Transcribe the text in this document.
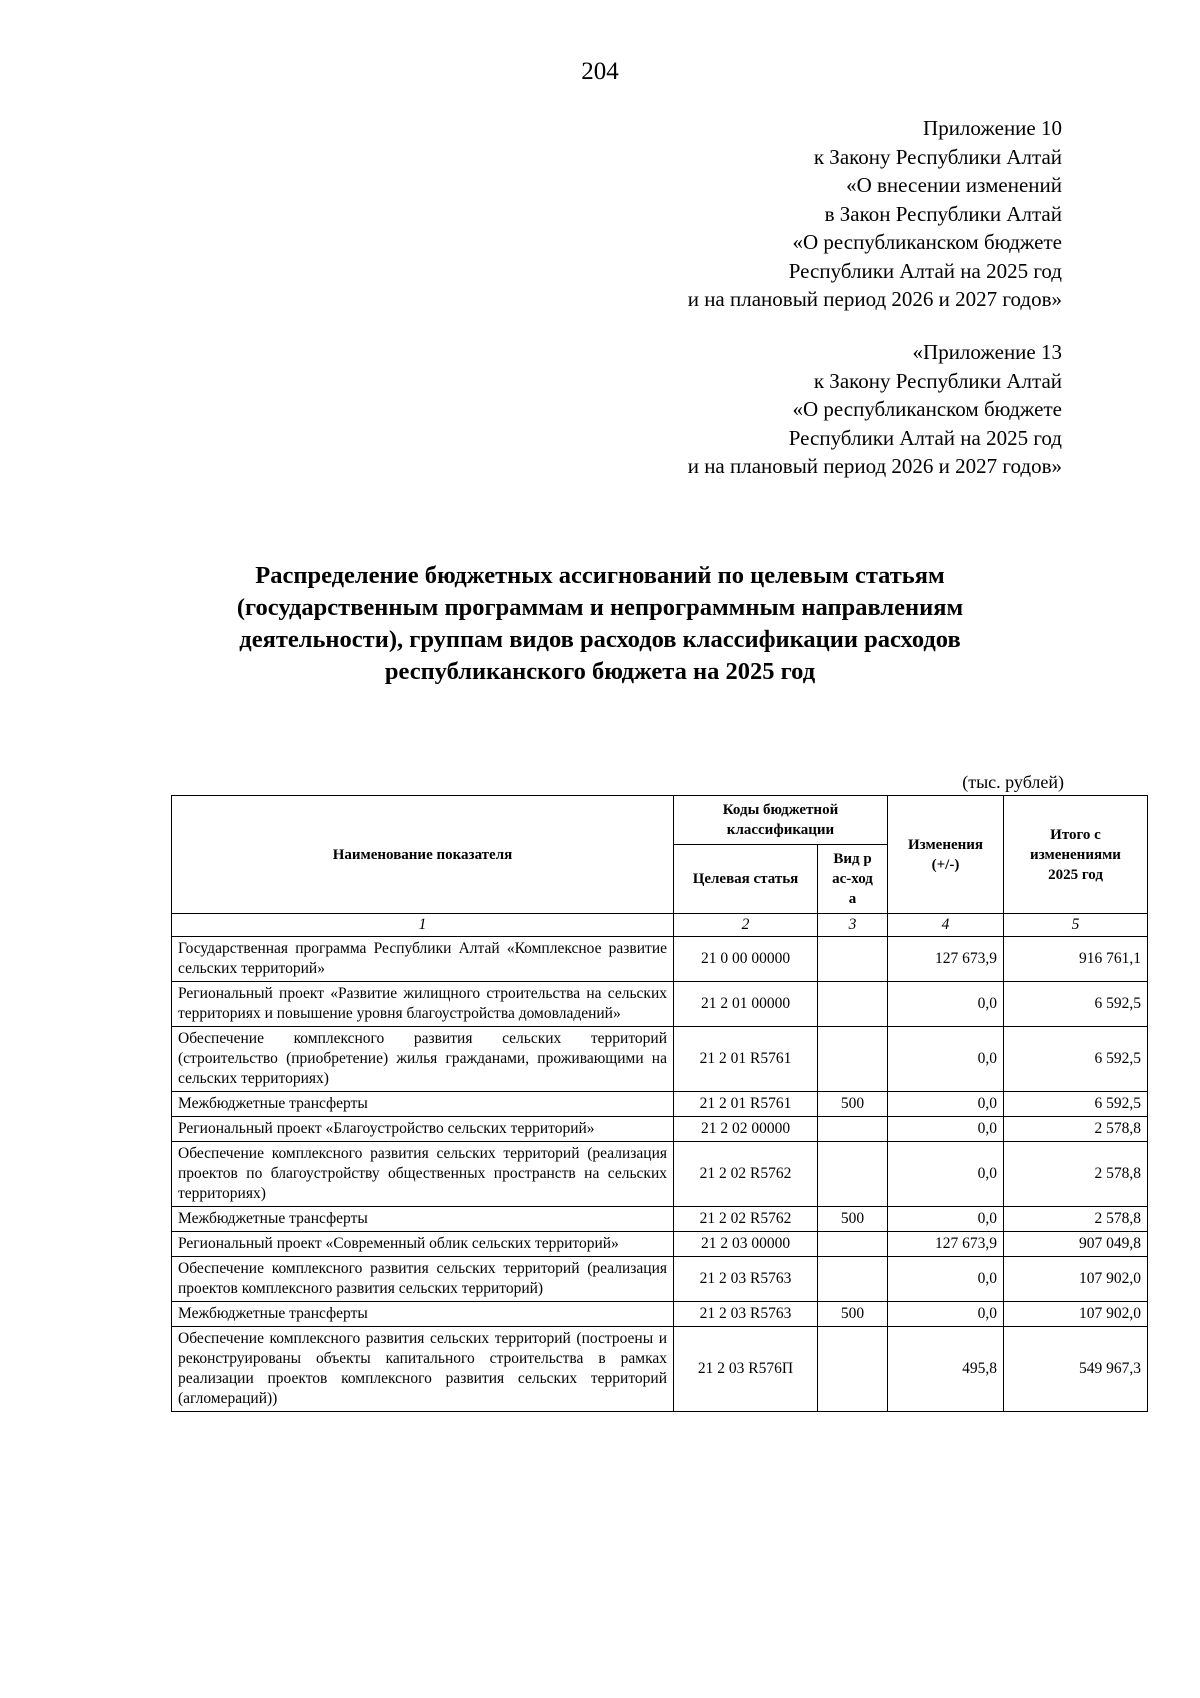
204
Приложение 10
к Закону Республики Алтай
«О внесении изменений
в Закон Республики Алтай
«О республиканском бюджете
Республики Алтай на 2025 год
и на плановый период 2026 и 2027 годов»
«Приложение 13
к Закону Республики Алтай
«О республиканском бюджете
Республики Алтай на 2025 год
и на плановый период 2026 и 2027 годов»
Распределение бюджетных ассигнований по целевым статьям
(государственным программам и непрограммным направлениям
деятельности), группам видов расходов классификации расходов
республиканского бюджета на 2025 год
(тыс. рублей)
Наименование показателя	Коды бюджетной классификации		Изменения (+/-)	Итого с изменениями 2025 год
	Целевая статья	Вид рас-хода		
1	2	3	4	5
Государственная программа Республики Алтай «Комплексное развитие сельских территорий»	21 0 00 00000		127 673,9	916 761,1
Региональный проект «Развитие жилищного строительства на сельских территориях и повышение уровня благоустройства домовладений»	21 2 01 00000		0,0	6 592,5
Обеспечение комплексного развития сельских территорий (строительство (приобретение) жилья гражданами, проживающими на сельских территориях)	21 2 01 R5761		0,0	6 592,5
Межбюджетные трансферты	21 2 01 R5761	500	0,0	6 592,5
Региональный проект «Благоустройство сельских территорий»	21 2 02 00000		0,0	2 578,8
Обеспечение комплексного развития сельских территорий (реализация проектов по благоустройству общественных пространств на сельских территориях)	21 2 02 R5762		0,0	2 578,8
Межбюджетные трансферты	21 2 02 R5762	500	0,0	2 578,8
Региональный проект «Современный облик сельских территорий»	21 2 03 00000		127 673,9	907 049,8
Обеспечение комплексного развития сельских территорий (реализация проектов комплексного развития сельских территорий)	21 2 03 R5763		0,0	107 902,0
Межбюджетные трансферты	21 2 03 R5763	500	0,0	107 902,0
Обеспечение комплексного развития сельских территорий (построены и реконструированы объекты капитального строительства в рамках реализации проектов комплексного развития сельских территорий (агломераций))	21 2 03 R576П		495,8	549 967,3
